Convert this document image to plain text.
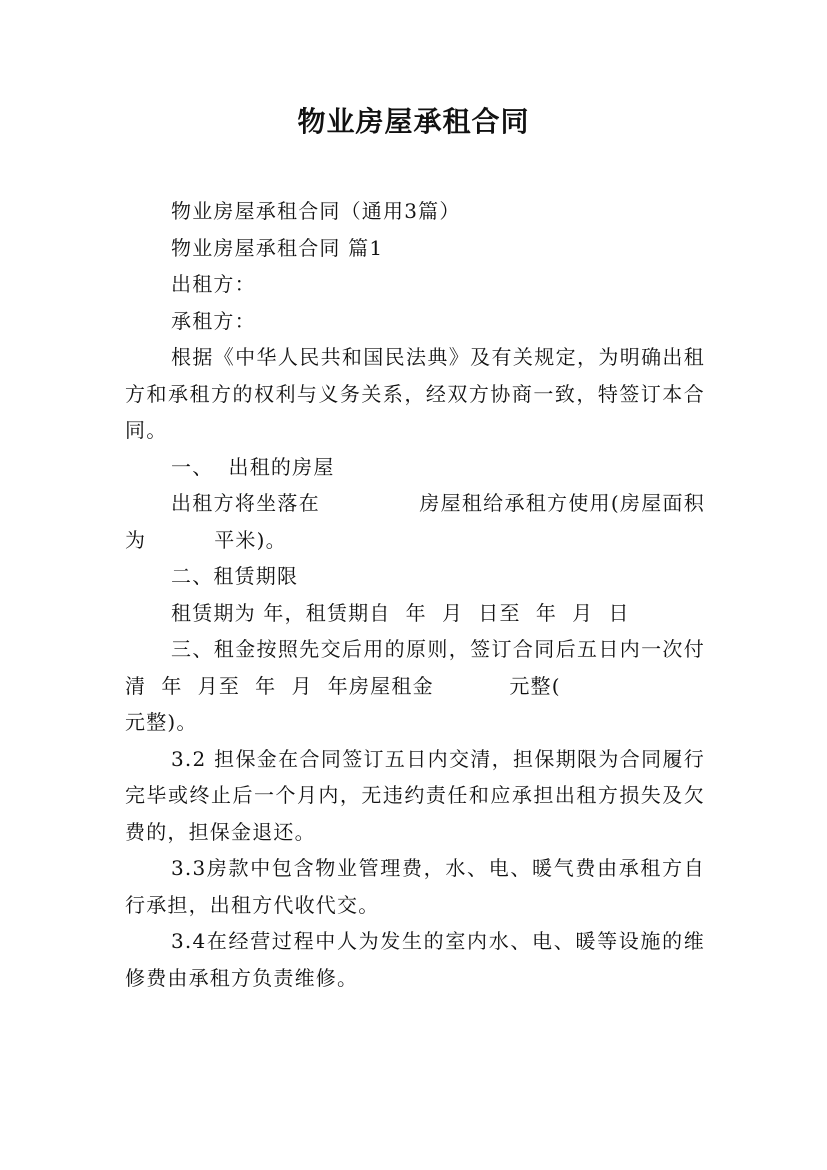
物业房屋承租合同

物业房屋承租合同（通用3篇）

物业房屋承租合同 篇1

出租方：

承租方：

根据《中华人民共和国民法典》及有关规定，为明确出租方和承租方的权利与义务关系，经双方协商一致，特签订本合同。

一、  出租的房屋

出租方将坐落在             房屋租给承租方使用(房屋面积为         平米)。

二、租赁期限

租赁期为 年，租赁期自  年  月  日至  年  月  日

三、租金按照先交后用的原则，签订合同后五日内一次付清  年  月至  年  月  年房屋租金          元整(

元整)。

3.2 担保金在合同签订五日内交清，担保期限为合同履行完毕或终止后一个月内，无违约责任和应承担出租方损失及欠费的，担保金退还。

3.3房款中包含物业管理费，水、电、暖气费由承租方自行承担，出租方代收代交。

3.4在经营过程中人为发生的室内水、电、暖等设施的维修费由承租方负责维修。
